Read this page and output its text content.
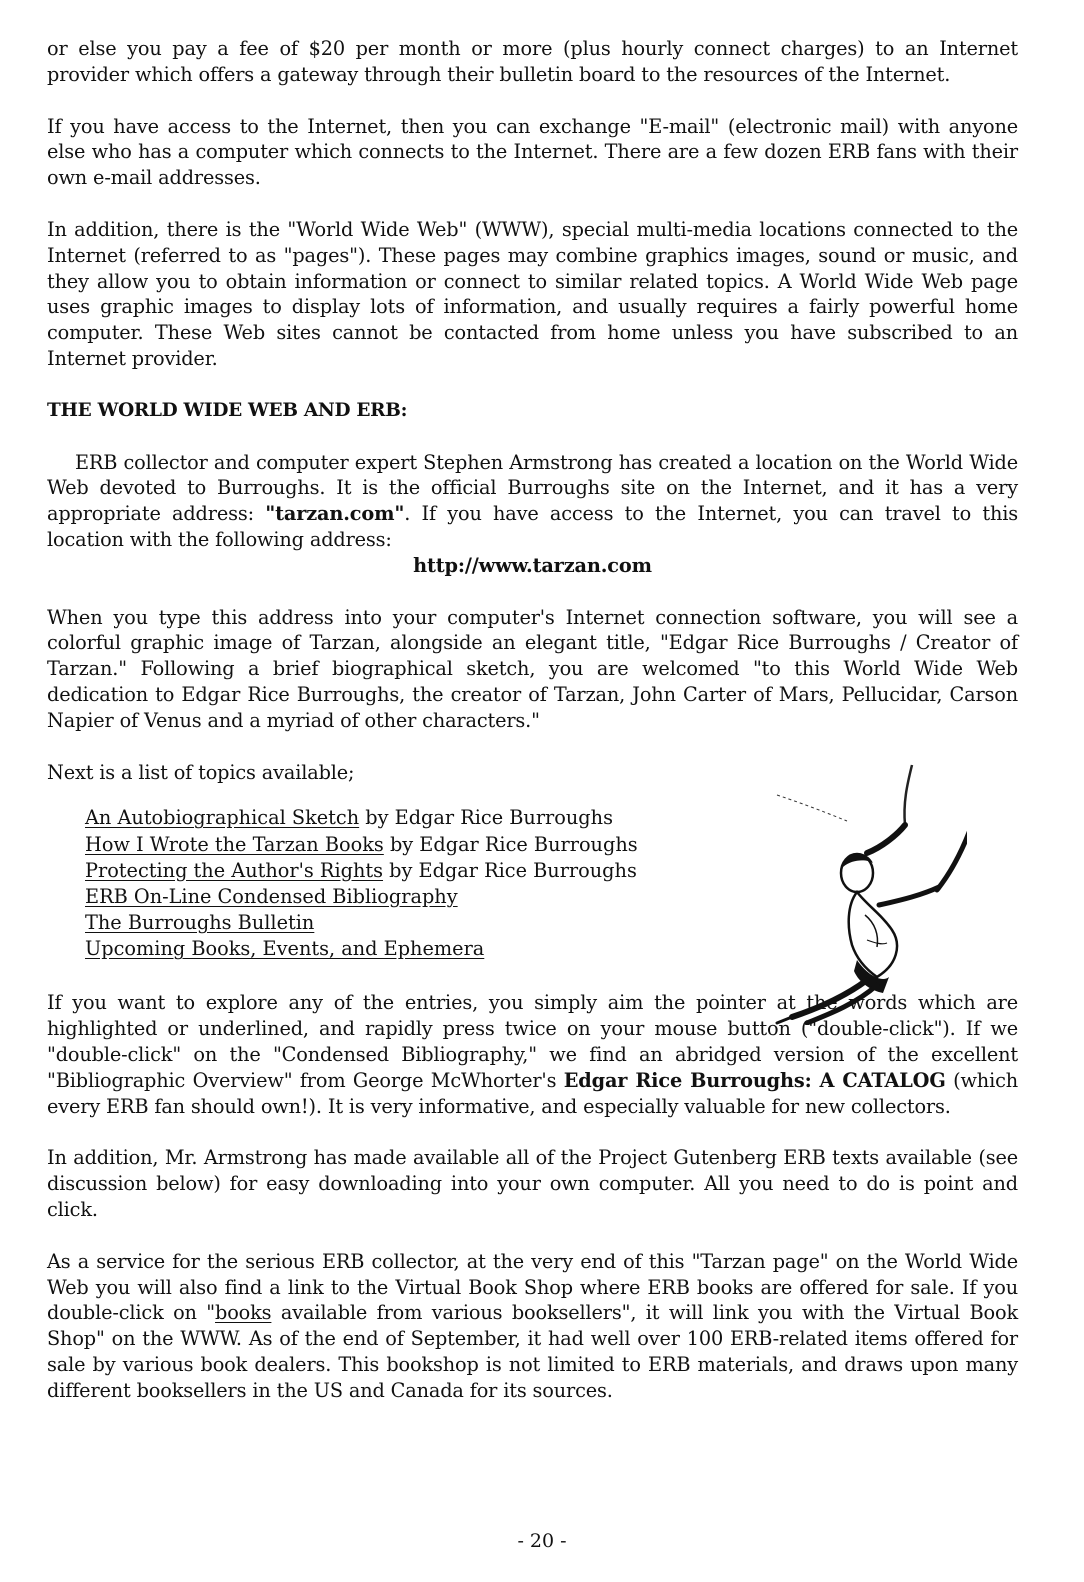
or else you pay a fee of $20 per month or more (plus hourly connect charges) to an Internet provider which offers a gateway through their bulletin board to the resources of the Internet.

If you have access to the Internet, then you can exchange "E-mail" (electronic mail) with anyone else who has a computer which connects to the Internet. There are a few dozen ERB fans with their own e-mail addresses.

In addition, there is the "World Wide Web" (WWW), special multi-media locations connected to the Internet (referred to as "pages"). These pages may combine graphics images, sound or music, and they allow you to obtain information or connect to similar related topics. A World Wide Web page uses graphic images to display lots of information, and usually requires a fairly powerful home computer. These Web sites cannot be contacted from home unless you have subscribed to an Internet provider.

THE WORLD WIDE WEB AND ERB:

ERB collector and computer expert Stephen Armstrong has created a location on the World Wide Web devoted to Burroughs. It is the official Burroughs site on the Internet, and it has a very appropriate address: "tarzan.com". If you have access to the Internet, you can travel to this location with the following address:

http://www.tarzan.com

When you type this address into your computer's Internet connection software, you will see a colorful graphic image of Tarzan, alongside an elegant title, "Edgar Rice Burroughs / Creator of Tarzan." Following a brief biographical sketch, you are welcomed "to this World Wide Web dedication to Edgar Rice Burroughs, the creator of Tarzan, John Carter of Mars, Pellucidar, Carson Napier of Venus and a myriad of other characters."

Next is a list of topics available;

An Autobiographical Sketch by Edgar Rice Burroughs
How I Wrote the Tarzan Books by Edgar Rice Burroughs
Protecting the Author's Rights by Edgar Rice Burroughs
ERB On-Line Condensed Bibliography
The Burroughs Bulletin
Upcoming Books, Events, and Ephemera

If you want to explore any of the entries, you simply aim the pointer at the words which are highlighted or underlined, and rapidly press twice on your mouse button ("double-click"). If we "double-click" on the "Condensed Bibliography," we find an abridged version of the excellent "Bibliographic Overview" from George McWhorter's Edgar Rice Burroughs: A CATALOG (which every ERB fan should own!). It is very informative, and especially valuable for new collectors.

In addition, Mr. Armstrong has made available all of the Project Gutenberg ERB texts available (see discussion below) for easy downloading into your own computer. All you need to do is point and click.

As a service for the serious ERB collector, at the very end of this "Tarzan page" on the World Wide Web you will also find a link to the Virtual Book Shop where ERB books are offered for sale. If you double-click on "books available from various booksellers", it will link you with the Virtual Book Shop" on the WWW. As of the end of September, it had well over 100 ERB-related items offered for sale by various book dealers. This bookshop is not limited to ERB materials, and draws upon many different booksellers in the US and Canada for its sources.

- 20 -
